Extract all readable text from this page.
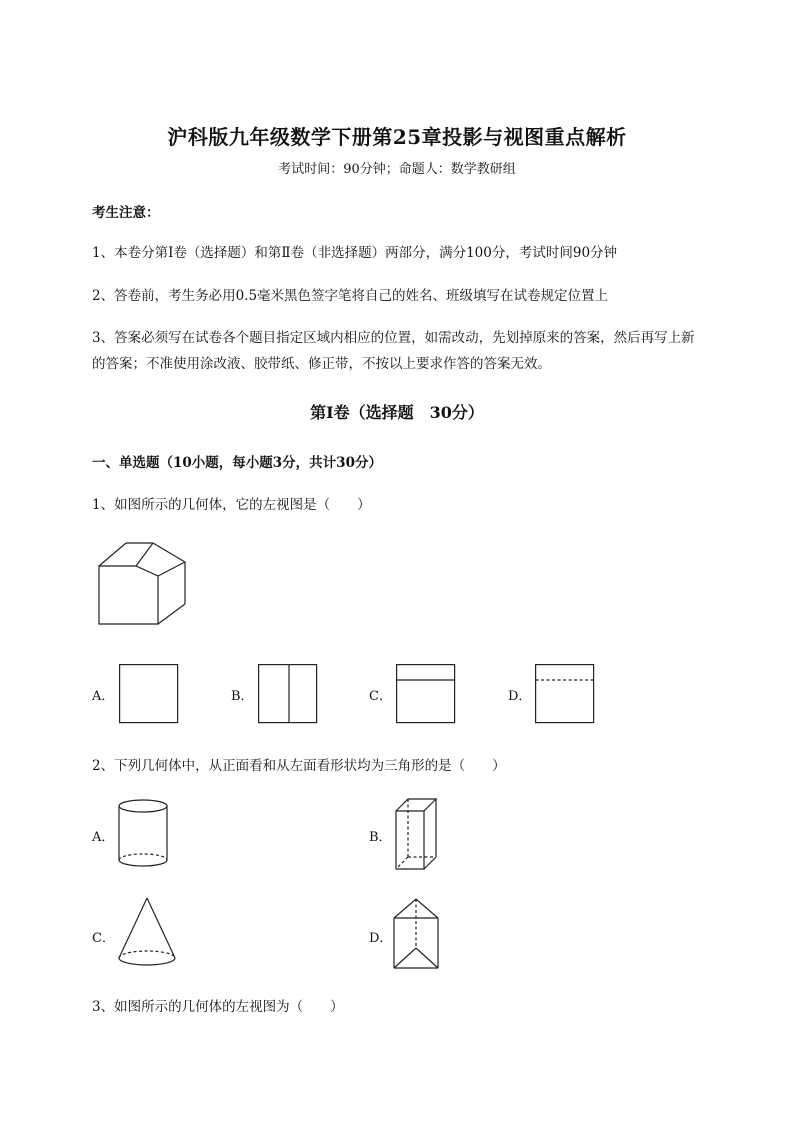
沪科版九年级数学下册第25章投影与视图重点解析
考试时间：90分钟；命题人：数学教研组
考生注意：
1、本卷分第I卷（选择题）和第Ⅱ卷（非选择题）两部分，满分100分，考试时间90分钟
2、答卷前，考生务必用0.5毫米黑色签字笔将自己的姓名、班级填写在试卷规定位置上
3、答案必须写在试卷各个题目指定区域内相应的位置，如需改动，先划掉原来的答案，然后再写上新
的答案；不准使用涂改液、胶带纸、修正带，不按以上要求作答的答案无效。
第I卷（选择题　30分）
一、单选题（10小题，每小题3分，共计30分）
1、如图所示的几何体，它的左视图是（　　）
A．	B．	C．	D．
2、下列几何体中，从正面看和从左面看形状均为三角形的是（　　）
A．	B．
C．	D．
3、如图所示的几何体的左视图为（　　）
